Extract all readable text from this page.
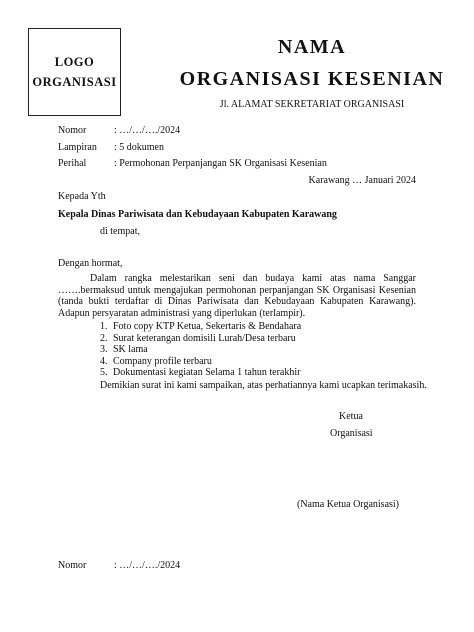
LOGO
ORGANISASI
NAMA
ORGANISASI KESENIAN
Jl. ALAMAT SEKRETARIAT ORGANISASI
Nomor	: …/…/…./2024
Lampiran : 5 dokumen
Perihal	: Permohonan Perpanjangan SK Organisasi Kesenian
Karawang … Januari 2024
Kepada Yth
Kepala Dinas Pariwisata dan Kebudayaan Kabupaten Karawang
di tempat,
Dengan hormat,
Dalam rangka melestarikan seni dan budaya kami atas nama Sanggar …….bermaksud untuk mengajukan permohonan perpanjangan SK Organisasi Kesenian (tanda bukti terdaftar di Dinas Pariwisata dan Kebudayaan Kabupaten Karawang). Adapun persyaratan administrasi yang diperlukan (terlampir).
1. Foto copy KTP Ketua, Sekertaris & Bendahara
2. Surat keterangan domisili Lurah/Desa terbaru
3. SK lama
4. Company profile terbaru
5. Dokumentasi kegiatan Selama 1 tahun terakhir
Demikian surat ini kami sampaikan, atas perhatiannya kami ucapkan terimakasih.
Ketua
Organisasi
(Nama Ketua Organisasi)
Nomor	: …/…/…./2024
